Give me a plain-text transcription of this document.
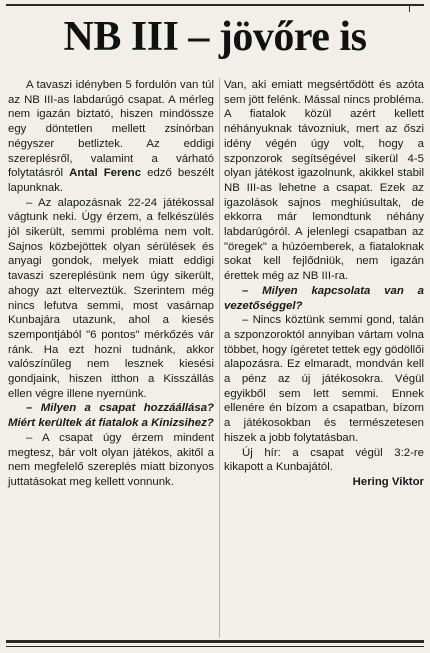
NB III – jövőre is

A tavaszi idényben 5 fordulón van túl az NB III-as labdarúgó csapat. A mérleg nem igazán biztató, hiszen mindössze egy döntetlen mellett zsinórban négyszer betliztek. Az eddigi szereplésről, valamint a várható folytatásról Antal Ferenc edző beszélt lapunknak.

– Az alapozásnak 22-24 játékossal vágtunk neki. Úgy érzem, a felkészülés jól sikerült, semmi probléma nem volt. Sajnos közbejöttek olyan sérülések és anyagi gondok, melyek miatt eddigi tavaszi szereplésünk nem úgy sikerült, ahogy azt elterveztük. Szerintem még nincs lefutva semmi, most vasárnap Kunbajára utazunk, ahol a kiesés szempontjából "6 pontos" mérkőzés vár ránk. Ha ezt hozni tudnánk, akkor valószínűleg nem lesznek kiesési gondjaink, hiszen itthon a Kisszállás ellen végre illene nyernünk.

– Milyen a csapat hozzáállása? Miért kerültek át fiatalok a Kinizsihez?

– A csapat úgy érzem mindent megtesz, bár volt olyan játékos, akitől a nem megfelelő szereplés miatt bizonyos juttatásokat meg kellett vonnunk.

Van, aki emiatt megsértődött és azóta sem jött felénk. Mással nincs probléma. A fiatalok közül azért kellett néhányuknak távozniuk, mert az őszi idény végén úgy volt, hogy a szponzorok segítségével sikerül 4-5 olyan játékost igazolnunk, akikkel stabil NB III-as lehetne a csapat. Ezek az igazolások sajnos meghiúsultak, de ekkorra már lemondtunk néhány labdarúgóról. A jelenlegi csapatban az "öregek" a húzóemberek, a fiataloknak sokat kell fejlődniük, nem igazán érettek még az NB III-ra.

– Milyen kapcsolata van a vezetőséggel?

– Nincs köztünk semmi gond, talán a szponzoroktól annyiban vártam volna többet, hogy ígéretet tettek egy gödöllői alapozásra. Ez elmaradt, mondván kell a pénz az új játékosokra. Végül egyikből sem lett semmi. Ennek ellenére én bízom a csapatban, bízom a játékosokban és természetesen hiszek a jobb folytatásban.

Új hír: a csapat végül 3:2-re kikapott a Kunbajától.

Hering Viktor
